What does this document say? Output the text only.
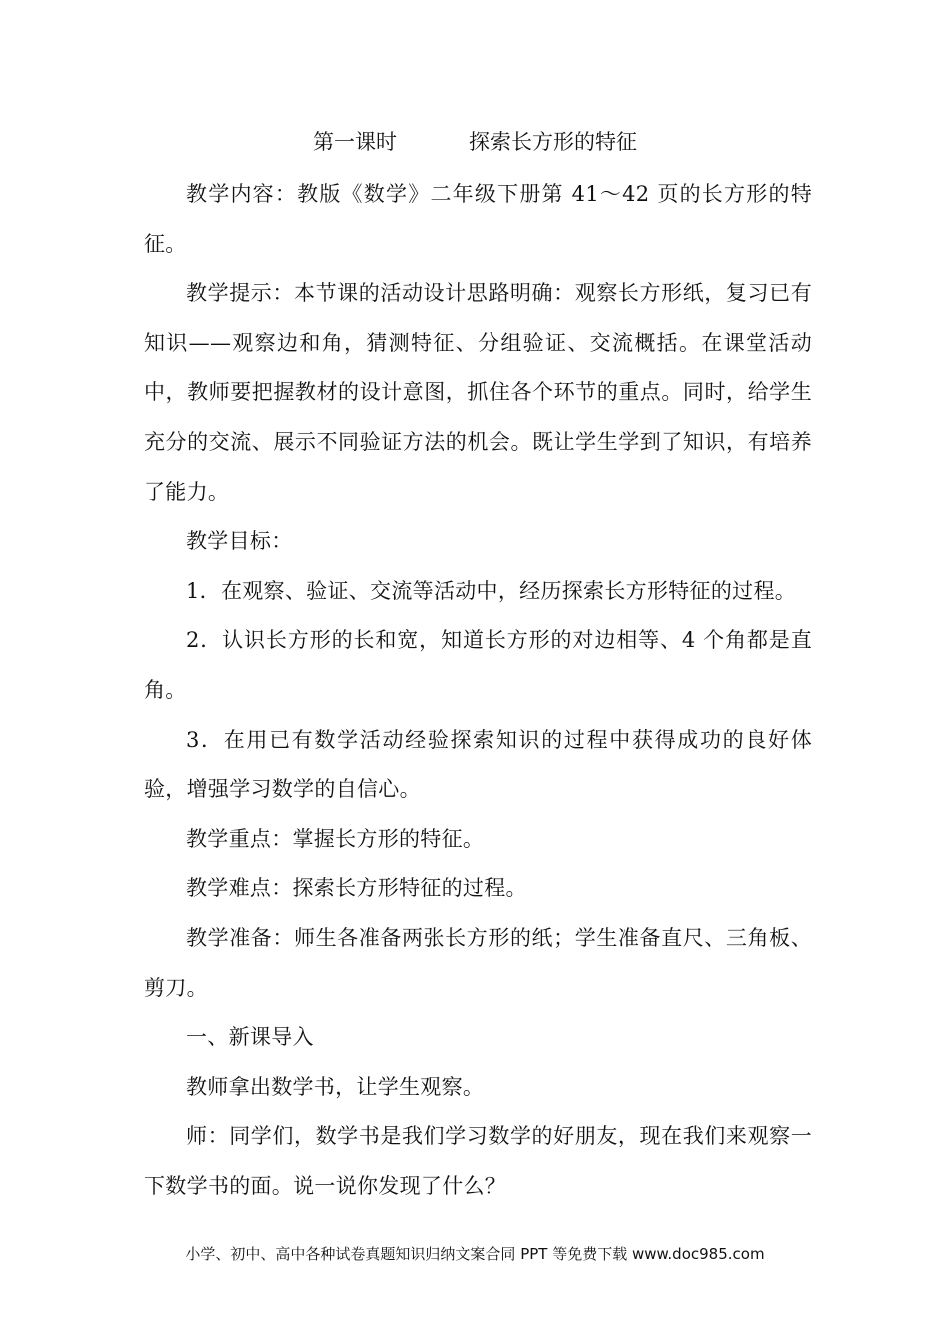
第一课时	探索长方形的特征

教学内容：教版《数学》二年级下册第 41～42 页的长方形的特征。

教学提示：本节课的活动设计思路明确：观察长方形纸，复习已有知识——观察边和角，猜测特征、分组验证、交流概括。在课堂活动中，教师要把握教材的设计意图，抓住各个环节的重点。同时，给学生充分的交流、展示不同验证方法的机会。既让学生学到了知识，有培养了能力。

教学目标：

1．在观察、验证、交流等活动中，经历探索长方形特征的过程。

2．认识长方形的长和宽，知道长方形的对边相等、4 个角都是直角。

3．在用已有数学活动经验探索知识的过程中获得成功的良好体验，增强学习数学的自信心。

教学重点：掌握长方形的特征。

教学难点：探索长方形特征的过程。

教学准备：师生各准备两张长方形的纸；学生准备直尺、三角板、剪刀。

一、新课导入

教师拿出数学书，让学生观察。

师：同学们，数学书是我们学习数学的好朋友，现在我们来观察一下数学书的面。说一说你发现了什么？

小学、初中、高中各种试卷真题知识归纳文案合同 PPT 等免费下载 www.doc985.com
